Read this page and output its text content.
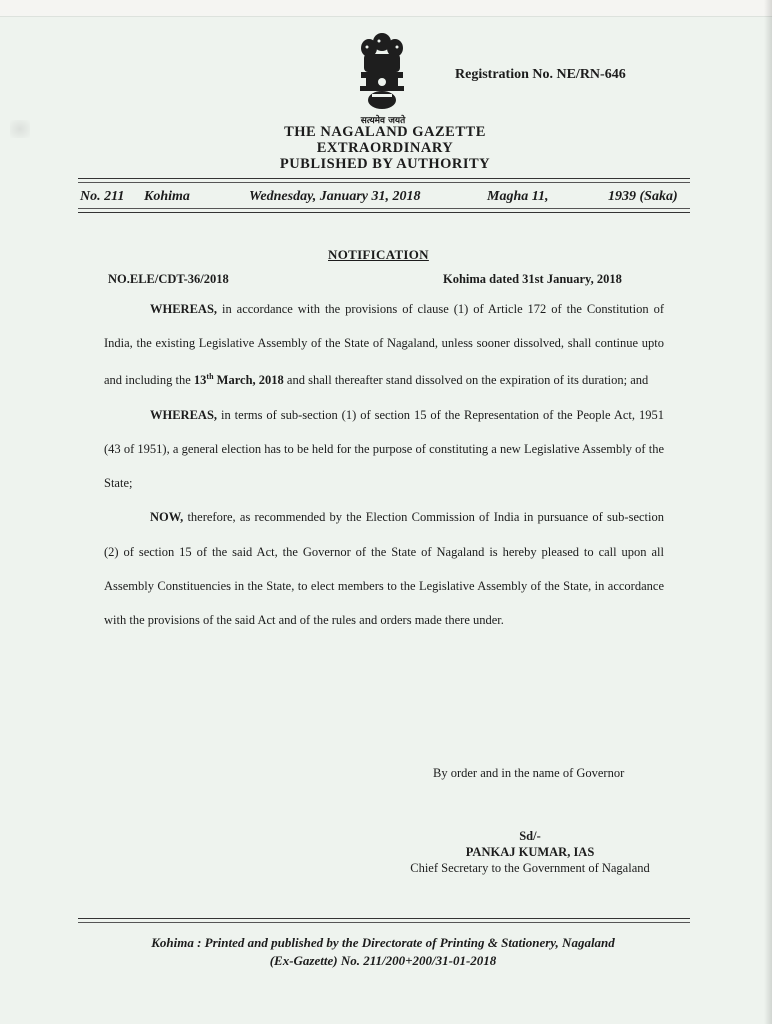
सत्यमेव जयते
Registration No. NE/RN-646
THE NAGALAND GAZETTE
EXTRAORDINARY
PUBLISHED BY AUTHORITY
No. 211 Kohima	Wednesday, January 31, 2018	Magha 11,	1939 (Saka)
NOTIFICATION
NO.ELE/CDT-36/2018	Kohima dated 31st January, 2018

WHEREAS, in accordance with the provisions of clause (1) of Article 172 of the Constitution of India, the existing Legislative Assembly of the State of Nagaland, unless sooner dissolved, shall continue upto and including the 13th March, 2018 and shall thereafter stand dissolved on the expiration of its duration; and

WHEREAS, in terms of sub-section (1) of section 15 of the Representation of the People Act, 1951 (43 of 1951), a general election has to be held for the purpose of constituting a new Legislative Assembly of the State;

NOW, therefore, as recommended by the Election Commission of India in pursuance of sub-section (2) of section 15 of the said Act, the Governor of the State of Nagaland is hereby pleased to call upon all Assembly Constituencies in the State, to elect members to the Legislative Assembly of the State, in accordance with the provisions of the said Act and of the rules and orders made there under.

By order and in the name of Governor
Sd/-
PANKAJ KUMAR, IAS
Chief Secretary to the Government of Nagaland
Kohima : Printed and published by the Directorate of Printing & Stationery, Nagaland
(Ex-Gazette) No. 211/200+200/31-01-2018
